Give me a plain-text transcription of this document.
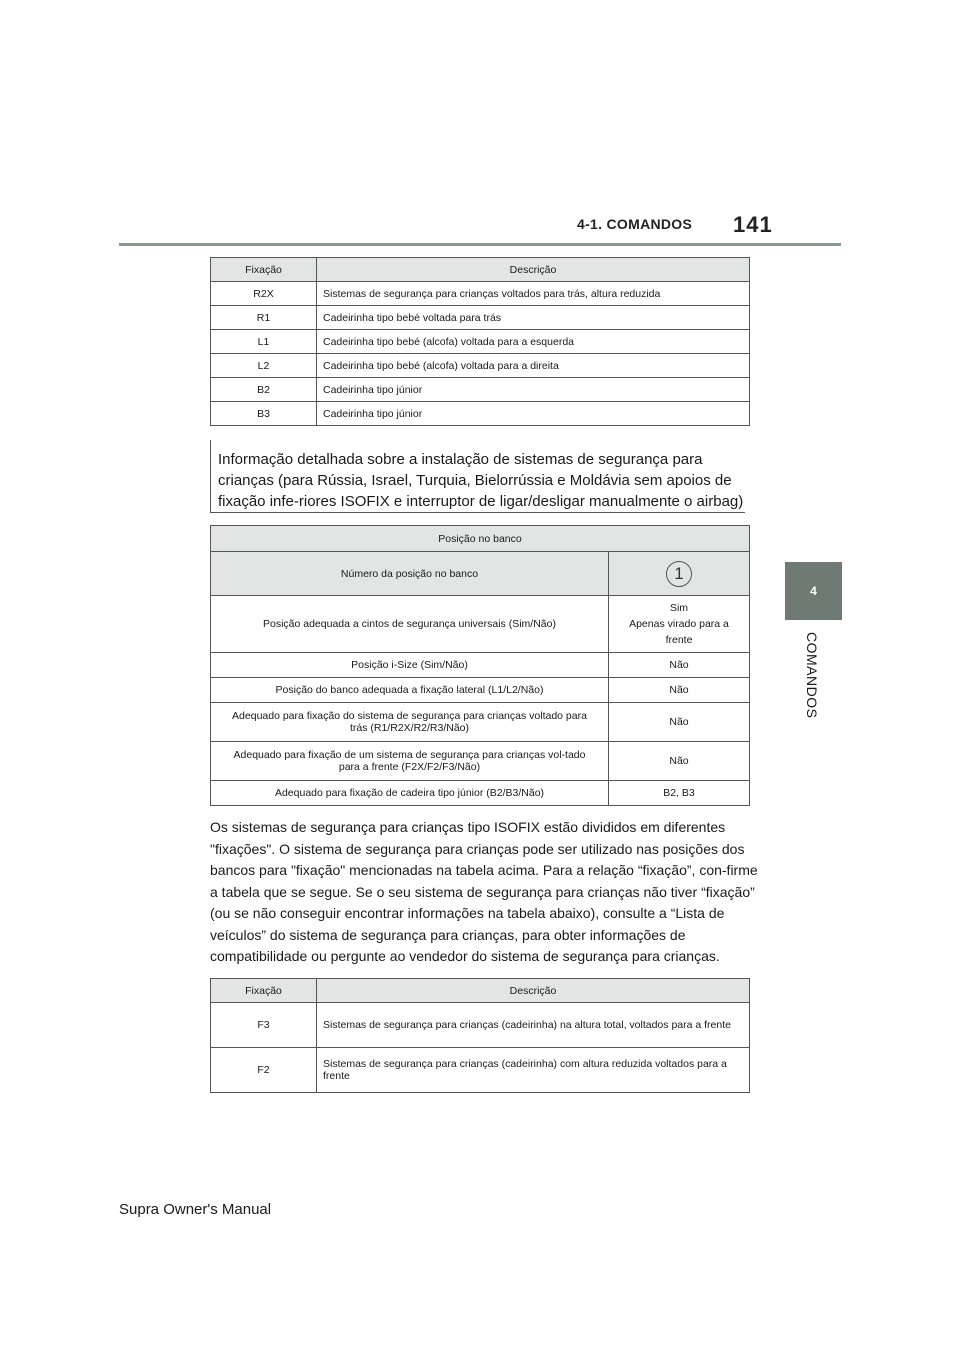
4-1. COMANDOS 141
4
COMANDOS
Fixação	Descrição
R2X	Sistemas de segurança para crianças voltados para trás, altura reduzida
R1	Cadeirinha tipo bebé voltada para trás
L1	Cadeirinha tipo bebé (alcofa) voltada para a esquerda
L2	Cadeirinha tipo bebé (alcofa) voltada para a direita
B2	Cadeirinha tipo júnior
B3	Cadeirinha tipo júnior
Informação detalhada sobre a instalação de sistemas de segurança para crianças (para Rússia, Israel, Turquia, Bielorrússia e Moldávia sem apoios de fixação infe-riores ISOFIX e interruptor de ligar/desligar manualmente o airbag)
Posição no banco	
Número da posição no banco	1
Posição adequada a cintos de segurança universais (Sim/Não)	Sim
Apenas virado para a frente

Posição i-Size (Sim/Não)	Não
Posição do banco adequada a fixação lateral (L1/L2/Não)	Não
Adequado para fixação do sistema de segurança para crianças voltado para trás (R1/R2X/R2/R3/Não)	Não
Adequado para fixação de um sistema de segurança para crianças vol-tado para a frente (F2X/F2/F3/Não)	Não
Adequado para fixação de cadeira tipo júnior (B2/B3/Não)	B2, B3
Os sistemas de segurança para crianças tipo ISOFIX estão divididos em diferentes "fixações". O sistema de segurança para crianças pode ser utilizado nas posições dos bancos para "fixação" mencionadas na tabela acima. Para a relação “fixação”, con-firme a tabela que se segue. Se o seu sistema de segurança para crianças não tiver “fixação” (ou se não conseguir encontrar informações na tabela abaixo), consulte a “Lista de veículos” do sistema de segurança para crianças, para obter informações de compatibilidade ou pergunte ao vendedor do sistema de segurança para crianças.
Fixação	Descrição
F3	Sistemas de segurança para crianças (cadeirinha) na altura total, voltados para a frente
F2	Sistemas de segurança para crianças (cadeirinha) com altura reduzida voltados para a frente
Supra Owner's Manual
